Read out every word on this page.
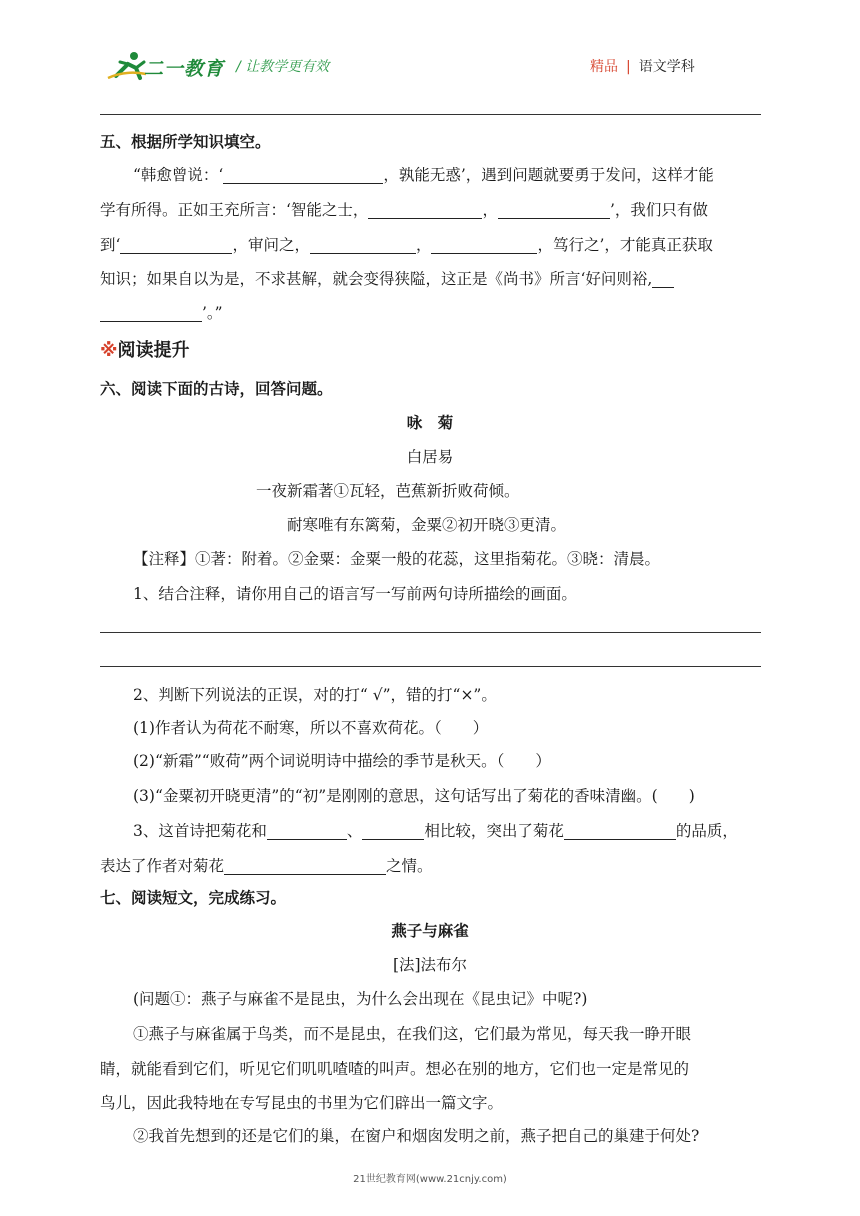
二一教育 / 让教学更有效	精品 | 语文学科
五、根据所学知识填空。
“韩愈曾说：‘	，孰能无惑’，遇到问题就要勇于发问，这样才能
学有所得。正如王充所言：‘智能之士，	，	’，我们只有做
到‘	，审问之，	，	，笃行之’，才能真正获取
知识；如果自以为是，不求甚解，就会变得狭隘，这正是《尚书》所言‘好问则裕,
’。”
※阅读提升
六、阅读下面的古诗，回答问题。
咏　菊
白居易
一夜新霜著①瓦轻，芭蕉新折败荷倾。
耐寒唯有东篱菊，金粟②初开晓③更清。
【注释】①著：附着。②金粟：金粟一般的花蕊，这里指菊花。③晓：清晨。
1、结合注释，请你用自己的语言写一写前两句诗所描绘的画面。
2、判断下列说法的正误，对的打“ √”，错的打“×”。
(1)作者认为荷花不耐寒，所以不喜欢荷花。（　　）
(2)“新霜”“败荷”两个词说明诗中描绘的季节是秋天。（　　）
(3)“金粟初开晓更清”的“初”是刚刚的意思，这句话写出了菊花的香味清幽。(　　)
3、这首诗把菊花和	、	相比较，突出了菊花	的品质，
表达了作者对菊花	之情。
七、阅读短文，完成练习。
燕子与麻雀
[法]法布尔
(问题①：燕子与麻雀不是昆虫，为什么会出现在《昆虫记》中呢?)
①燕子与麻雀属于鸟类，而不是昆虫，在我们这，它们最为常见，每天我一睁开眼
睛，就能看到它们，听见它们叽叽喳喳的叫声。想必在别的地方，它们也一定是常见的
鸟儿，因此我特地在专写昆虫的书里为它们辟出一篇文字。
②我首先想到的还是它们的巢，在窗户和烟囱发明之前，燕子把自己的巢建于何处?
21世纪教育网(www.21cnjy.com)
